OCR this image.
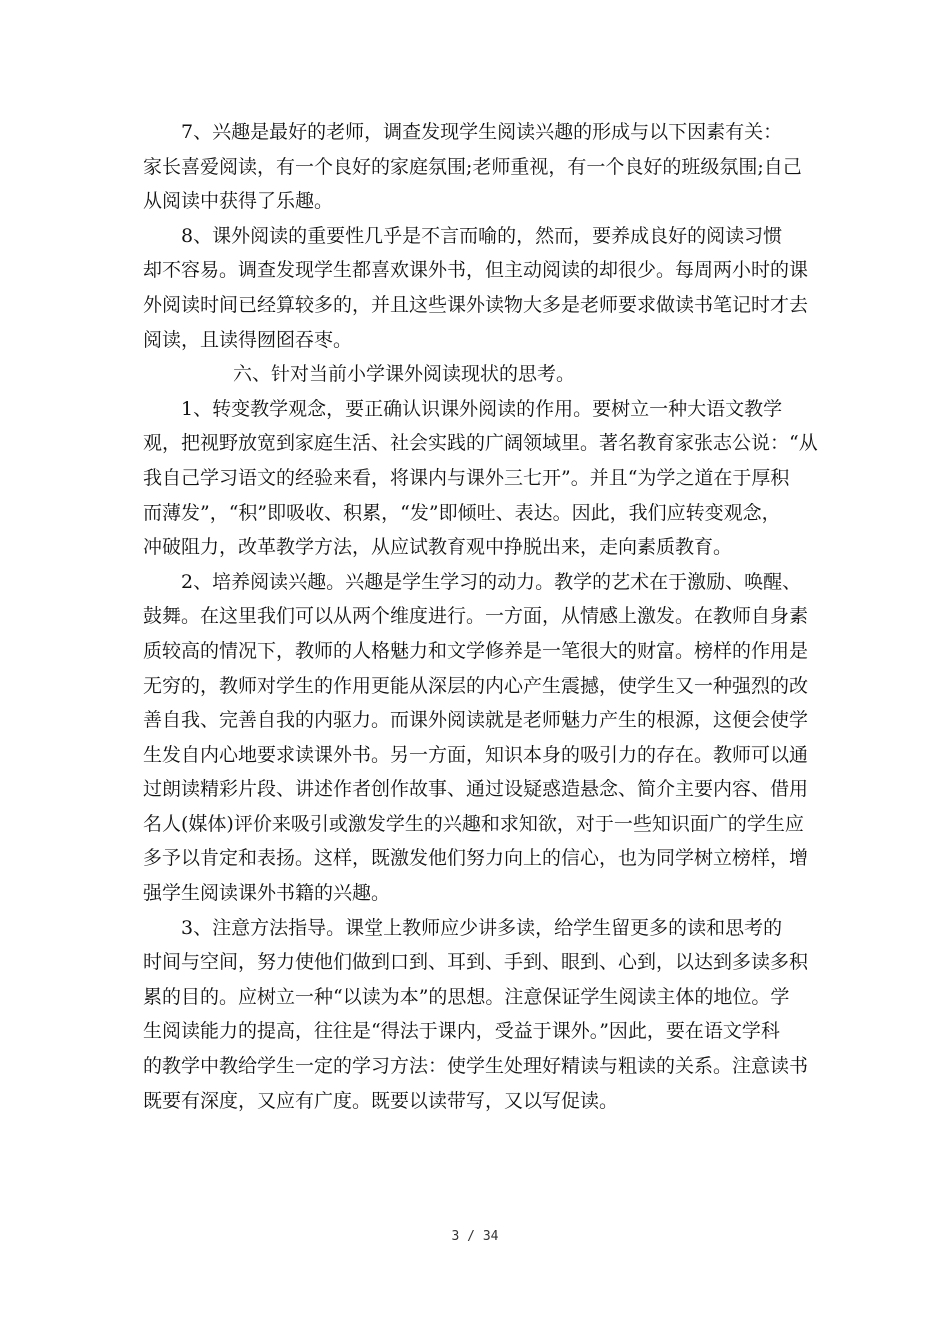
7、兴趣是最好的老师，调查发现学生阅读兴趣的形成与以下因素有关：
家长喜爱阅读，有一个良好的家庭氛围;老师重视，有一个良好的班级氛围;自己
从阅读中获得了乐趣。
8、课外阅读的重要性几乎是不言而喻的，然而，要养成良好的阅读习惯
却不容易。调查发现学生都喜欢课外书，但主动阅读的却很少。每周两小时的课
外阅读时间已经算较多的，并且这些课外读物大多是老师要求做读书笔记时才去
阅读，且读得囫囵吞枣。
六、针对当前小学课外阅读现状的思考。
1、转变教学观念，要正确认识课外阅读的作用。要树立一种大语文教学
观，把视野放宽到家庭生活、社会实践的广阔领域里。著名教育家张志公说：“从
我自己学习语文的经验来看，将课内与课外三七开”。并且“为学之道在于厚积
而薄发”，“积”即吸收、积累，“发”即倾吐、表达。因此，我们应转变观念，
冲破阻力，改革教学方法，从应试教育观中挣脱出来，走向素质教育。
2、培养阅读兴趣。兴趣是学生学习的动力。教学的艺术在于激励、唤醒、
鼓舞。在这里我们可以从两个维度进行。一方面，从情感上激发。在教师自身素
质较高的情况下，教师的人格魅力和文学修养是一笔很大的财富。榜样的作用是
无穷的，教师对学生的作用更能从深层的内心产生震撼，使学生又一种强烈的改
善自我、完善自我的内驱力。而课外阅读就是老师魅力产生的根源，这便会使学
生发自内心地要求读课外书。另一方面，知识本身的吸引力的存在。教师可以通
过朗读精彩片段、讲述作者创作故事、通过设疑惑造悬念、简介主要内容、借用
名人(媒体)评价来吸引或激发学生的兴趣和求知欲，对于一些知识面广的学生应
多予以肯定和表扬。这样，既激发他们努力向上的信心，也为同学树立榜样，增
强学生阅读课外书籍的兴趣。
3、注意方法指导。课堂上教师应少讲多读，给学生留更多的读和思考的
时间与空间，努力使他们做到口到、耳到、手到、眼到、心到，以达到多读多积
累的目的。应树立一种“以读为本”的思想。注意保证学生阅读主体的地位。学
生阅读能力的提高，往往是“得法于课内，受益于课外。”因此，要在语文学科
的教学中教给学生一定的学习方法：使学生处理好精读与粗读的关系。注意读书
既要有深度，又应有广度。既要以读带写，又以写促读。
3 / 34
